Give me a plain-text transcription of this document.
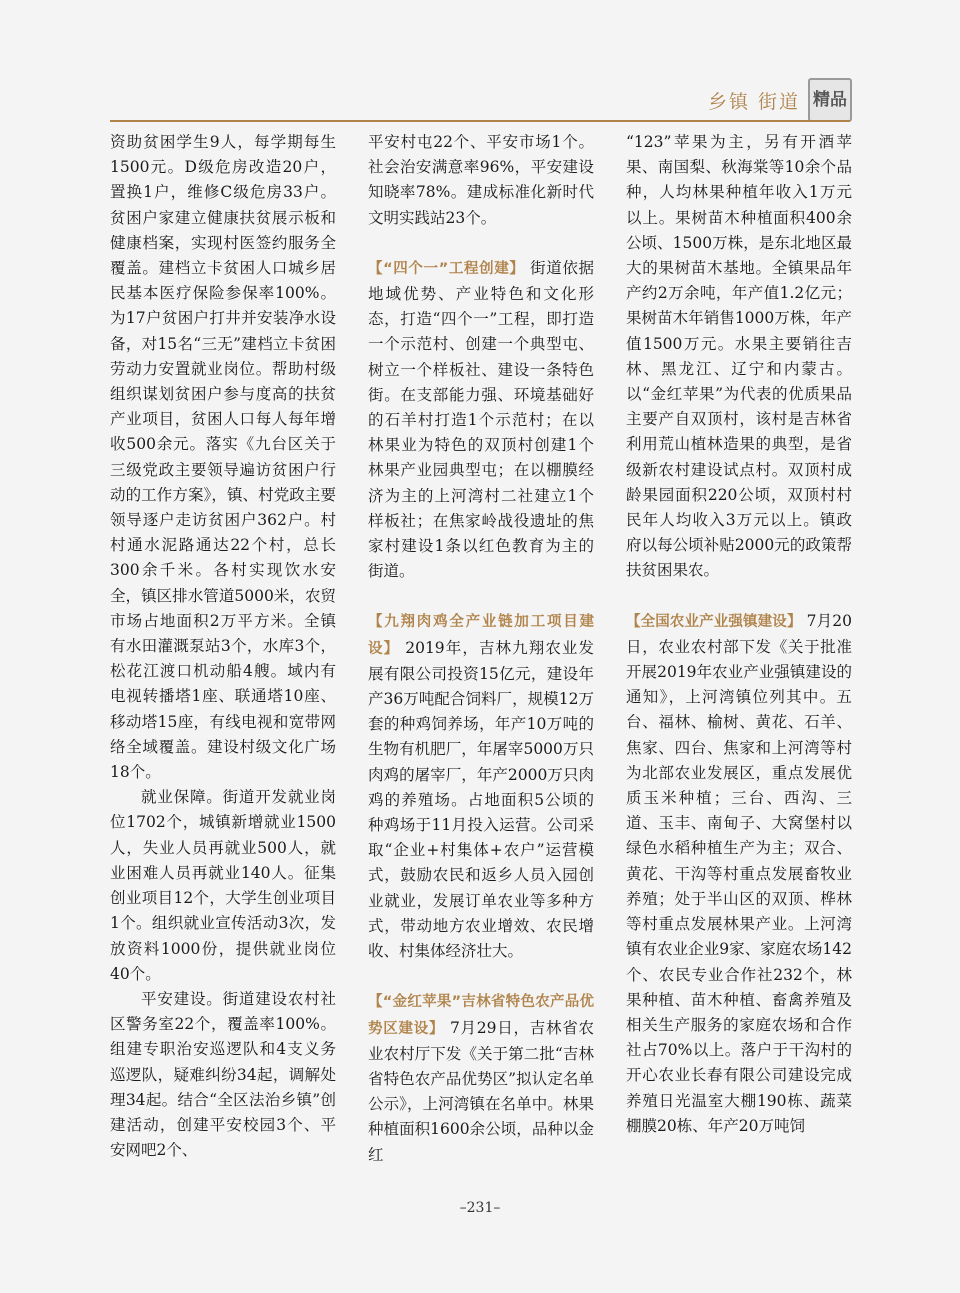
乡镇 街道 精品

资助贫困学生9人，每学期每生1500元。D级危房改造20户，置换1户，维修C级危房33户。贫困户家建立健康扶贫展示板和健康档案，实现村医签约服务全覆盖。建档立卡贫困人口城乡居民基本医疗保险参保率100%。为17户贫困户打井并安装净水设备，对15名“三无”建档立卡贫困劳动力安置就业岗位。帮助村级组织谋划贫困户参与度高的扶贫产业项目，贫困人口每人每年增收500余元。落实《九台区关于三级党政主要领导遍访贫困户行动的工作方案》，镇、村党政主要领导逐户走访贫困户362户。村村通水泥路通达22个村，总长300余千米。各村实现饮水安全，镇区排水管道5000米，农贸市场占地面积2万平方米。全镇有水田灌溉泵站3个，水库3个，松花江渡口机动船4艘。域内有电视转播塔1座、联通塔10座、移动塔15座，有线电视和宽带网络全域覆盖。建设村级文化广场18个。

就业保障。街道开发就业岗位1702个，城镇新增就业1500人，失业人员再就业500人，就业困难人员再就业140人。征集创业项目12个，大学生创业项目1个。组织就业宣传活动3次，发放资料1000份，提供就业岗位40个。

平安建设。街道建设农村社区警务室22个，覆盖率100%。组建专职治安巡逻队和4支义务巡逻队，疑难纠纷34起，调解处理34起。结合“全区法治乡镇”创建活动，创建平安校园3个、平安网吧2个、

平安村屯22个、平安市场1个。社会治安满意率96%，平安建设知晓率78%。建成标准化新时代文明实践站23个。

【“四个一”工程创建】 街道依据地域优势、产业特色和文化形态，打造“四个一”工程，即打造一个示范村、创建一个典型屯、树立一个样板社、建设一条特色街。在支部能力强、环境基础好的石羊村打造1个示范村；在以林果业为特色的双顶村创建1个林果产业园典型屯；在以棚膜经济为主的上河湾村二社建立1个样板社；在焦家岭战役遗址的焦家村建设1条以红色教育为主的街道。

【九翔肉鸡全产业链加工项目建设】 2019年，吉林九翔农业发展有限公司投资15亿元，建设年产36万吨配合饲料厂，规模12万套的种鸡饲养场，年产10万吨的生物有机肥厂，年屠宰5000万只肉鸡的屠宰厂，年产2000万只肉鸡的养殖场。占地面积5公顷的种鸡场于11月投入运营。公司采取“企业+村集体+农户”运营模式，鼓励农民和返乡人员入园创业就业，发展订单农业等多种方式，带动地方农业增效、农民增收、村集体经济壮大。

【“金红苹果”吉林省特色农产品优势区建设】 7月29日，吉林省农业农村厅下发《关于第二批“吉林省特色农产品优势区”拟认定名单公示》，上河湾镇在名单中。林果种植面积1600余公顷，品种以金红

“123”苹果为主，另有开酒苹果、南国梨、秋海棠等10余个品种，人均林果种植年收入1万元以上。果树苗木种植面积400余公顷、1500万株，是东北地区最大的果树苗木基地。全镇果品年产约2万余吨，年产值1.2亿元；果树苗木年销售1000万株，年产值1500万元。水果主要销往吉林、黑龙江、辽宁和内蒙古。以“金红苹果”为代表的优质果品主要产自双顶村，该村是吉林省利用荒山植林造果的典型，是省级新农村建设试点村。双顶村成龄果园面积220公顷，双顶村村民年人均收入3万元以上。镇政府以每公顷补贴2000元的政策帮扶贫困果农。

【全国农业产业强镇建设】 7月20日，农业农村部下发《关于批准开展2019年农业产业强镇建设的通知》，上河湾镇位列其中。五台、福林、榆树、黄花、石羊、焦家、四台、焦家和上河湾等村为北部农业发展区，重点发展优质玉米种植；三台、西沟、三道、玉丰、南甸子、大窝堡村以绿色水稻种植生产为主；双合、黄花、干沟等村重点发展畜牧业养殖；处于半山区的双顶、桦林等村重点发展林果产业。上河湾镇有农业企业9家、家庭农场142个、农民专业合作社232个，林果种植、苗木种植、畜禽养殖及相关生产服务的家庭农场和合作社占70%以上。落户于干沟村的开心农业长春有限公司建设完成养殖日光温室大棚190栋、蔬菜棚膜20栋、年产20万吨饲

–231–
